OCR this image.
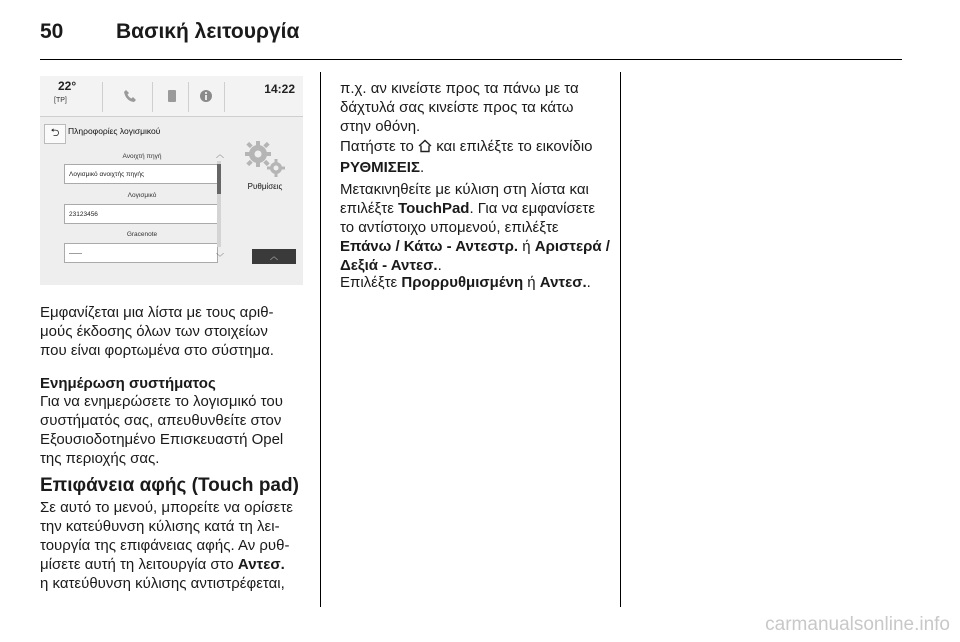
50	Βασική λειτουργία
22°
[TP]
14:22
⮌	Πληροφορίες λογισμικού
Ανοιχτή πηγή
Λογισμικό ανοιχτής πηγής
Λογισμικό
23123456
Gracenote
——
︿
﹀
Ρυθμίσεις
︿
Εμφανίζεται μια λίστα με τους αριθ-
μούς έκδοσης όλων των στοιχείων
που είναι φορτωμένα στο σύστημα.
Ενημέρωση συστήματος
Για να ενημερώσετε το λογισμικό του
συστήματός σας, απευθυνθείτε στον
Εξουσιοδοτημένο Επισκευαστή Opel
της περιοχής σας.
Επιφάνεια αφής (Touch pad)
Σε αυτό το μενού, μπορείτε να ορίσετε
την κατεύθυνση κύλισης κατά τη λει-
τουργία της επιφάνειας αφής. Αν ρυθ-
μίσετε αυτή τη λειτουργία στο Αντεσ.
η κατεύθυνση κύλισης αντιστρέφεται,
π.χ. αν κινείστε προς τα πάνω με τα
δάχτυλά σας κινείστε προς τα κάτω
στην οθόνη.
Πατήστε το  και επιλέξτε το εικονίδιο
ΡΥΘΜΙΣΕΙΣ.
Μετακινηθείτε με κύλιση στη λίστα και
επιλέξτε TouchPad. Για να εμφανίσετε
το αντίστοιχο υπομενού, επιλέξτε
Επάνω / Κάτω - Αντεστρ. ή Αριστερά /
Δεξιά - Αντεσ..
Επιλέξτε Προρρυθμισμένη ή Αντεσ..
carmanualsonline.info
